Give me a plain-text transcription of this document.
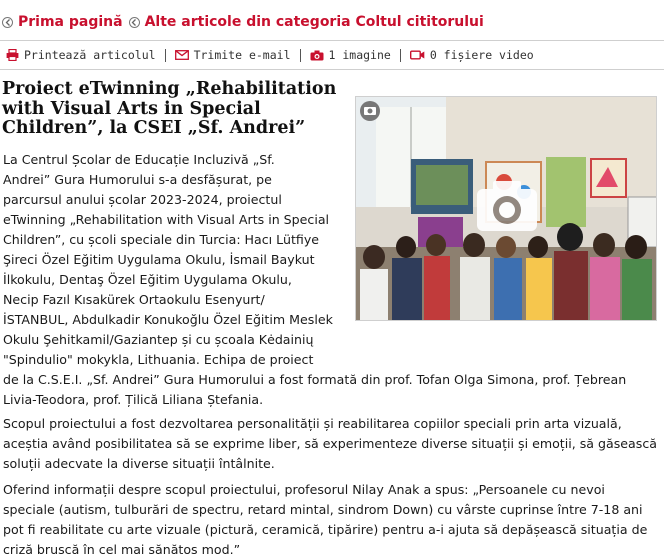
Prima pagină Alte articole din categoria Coltul cititorului
Printează articolul	Trimite e-mail	1 imagine	0 fișiere video
Proiect eTwinning „Rehabilitation with Visual Arts in Special Children”, la CSEI „Sf. Andrei”

La Centrul Școlar de Educație Incluzivă „Sf.
Andrei” Gura Humorului s-a desfășurat, pe
parcursul anului școlar 2023-2024, proiectul
eTwinning „Rehabilitation with Visual Arts in Special
Children”, cu școli speciale din Turcia: Hacı Lütfiye
Şireci Özel Eğitim Uygulama Okulu, İsmail Baykut
İlkokulu, Dentaş Özel Eğitim Uygulama Okulu,
Necip Fazıl Kısakürek Ortaokulu Esenyurt/
İSTANBUL, Abdulkadir Konukoğlu Özel Eğitim Meslek
Okulu Şehitkamil/Gaziantep și cu școala Kėdainių
"Spindulio" mokykla, Lithuania. Echipa de proiect

de la C.S.E.I. „Sf. Andrei” Gura Humorului a fost formată din prof. Tofan Olga Simona, prof. Țebrean
Livia-Teodora, prof. Țilică Liliana Ștefania.

Scopul proiectului a fost dezvoltarea personalității și reabilitarea copiilor speciali prin arta vizuală,
aceștia având posibilitatea să se exprime liber, să experimenteze diverse situații și emoții, să găsească
soluții adecvate la diverse situații întâlnite.

Oferind informații despre scopul proiectului, profesorul Nilay Anak a spus: „Persoanele cu nevoi
speciale (autism, tulburări de spectru, retard mintal, sindrom Down) cu vârste cuprinse între 7-18 ani
pot fi reabilitate cu arte vizuale (pictură, ceramică, tipărire) pentru a-i ajuta să depășească situația de
criză bruscă în cel mai sănătos mod.”
